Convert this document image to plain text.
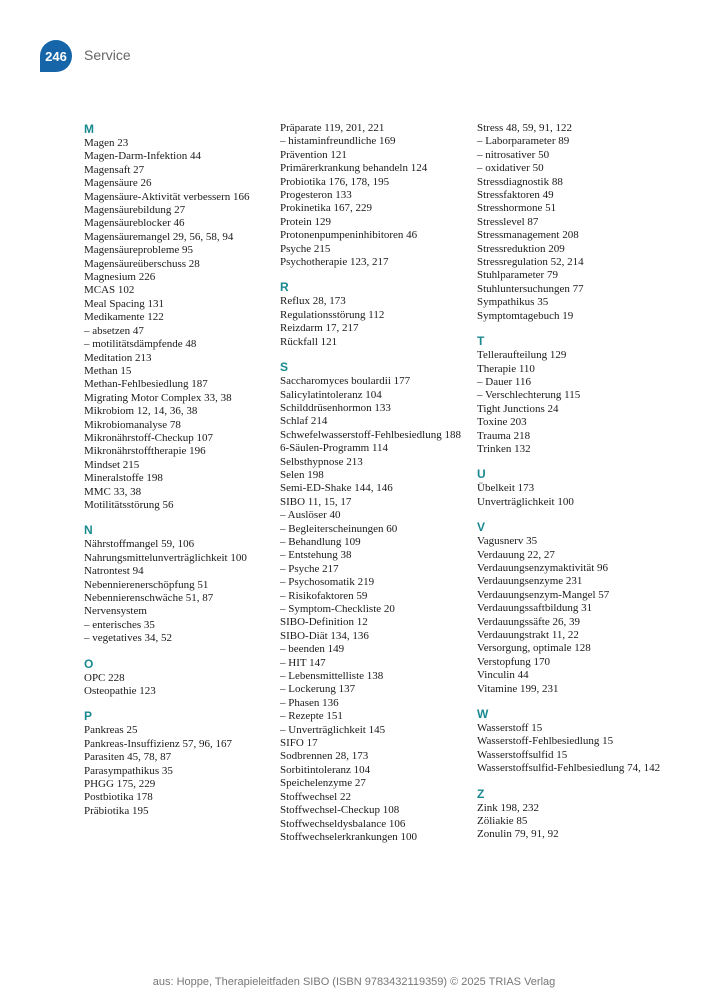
246	Service
M
Magen 23
Magen-Darm-Infektion 44
Magensaft 27
Magensäure 26
Magensäure-Aktivität verbessern 166
Magensäurebildung 27
Magensäureblocker 46
Magensäuremangel 29, 56, 58, 94
Magensäureprobleme 95
Magensäureüberschuss 28
Magnesium 226
MCAS 102
Meal Spacing 131
Medikamente 122
– absetzen 47
– motilitätsdämpfende 48
Meditation 213
Methan 15
Methan-Fehlbesiedlung 187
Migrating Motor Complex 33, 38
Mikrobiom 12, 14, 36, 38
Mikrobiomanalyse 78
Mikronährstoff-Checkup 107
Mikronährstofftherapie 196
Mindset 215
Mineralstoffe 198
MMC 33, 38
Motilitätsstörung 56
N
Nährstoffmangel 59, 106
Nahrungsmittelunverträglichkeit 100
Natrontest 94
Nebennierenerschöpfung 51
Nebennierenschwäche 51, 87
Nervensystem
– enterisches 35
– vegetatives 34, 52
O
OPC 228
Osteopathie 123
P
Pankreas 25
Pankreas-Insuffizienz 57, 96, 167
Parasiten 45, 78, 87
Parasympathikus 35
PHGG 175, 229
Postbiotika 178
Präbiotika 195
Präparate 119, 201, 221
– histaminfreundliche 169
Prävention 121
Primärerkrankung behandeln 124
Probiotika 176, 178, 195
Progesteron 133
Prokinetika 167, 229
Protein 129
Protonenpumpeninhibitoren 46
Psyche 215
Psychotherapie 123, 217
R
Reflux 28, 173
Regulationsstörung 112
Reizdarm 17, 217
Rückfall 121
S
Saccharomyces boulardii 177
Salicylatintoleranz 104
Schilddrüsenhormon 133
Schlaf 214
Schwefelwasserstoff-Fehlbesiedlung 188
6-Säulen-Programm 114
Selbsthypnose 213
Selen 198
Semi-ED-Shake 144, 146
SIBO 11, 15, 17
– Auslöser 40
– Begleiterscheinungen 60
– Behandlung 109
– Entstehung 38
– Psyche 217
– Psychosomatik 219
– Risikofaktoren 59
– Symptom-Checkliste 20
SIBO-Definition 12
SIBO-Diät 134, 136
– beenden 149
– HIT 147
– Lebensmittelliste 138
– Lockerung 137
– Phasen 136
– Rezepte 151
– Unverträglichkeit 145
SIFO 17
Sodbrennen 28, 173
Sorbitintoleranz 104
Speichelenzyme 27
Stoffwechsel 22
Stoffwechsel-Checkup 108
Stoffwechseldysbalance 106
Stoffwechselerkrankungen 100
Stress 48, 59, 91, 122
– Laborparameter 89
– nitrosativer 50
– oxidativer 50
Stressdiagnostik 88
Stressfaktoren 49
Stresshormone 51
Stresslevel 87
Stressmanagement 208
Stressreduktion 209
Stressregulation 52, 214
Stuhlparameter 79
Stuhluntersuchungen 77
Sympathikus 35
Symptomtagebuch 19
T
Telleraufteilung 129
Therapie 110
– Dauer 116
– Verschlechterung 115
Tight Junctions 24
Toxine 203
Trauma 218
Trinken 132
U
Übelkeit 173
Unverträglichkeit 100
V
Vagusnerv 35
Verdauung 22, 27
Verdauungsenzymaktivität 96
Verdauungsenzyme 231
Verdauungsenzym-Mangel 57
Verdauungssaftbildung 31
Verdauungssäfte 26, 39
Verdauungstrakt 11, 22
Versorgung, optimale 128
Verstopfung 170
Vinculin 44
Vitamine 199, 231
W
Wasserstoff 15
Wasserstoff-Fehlbesiedlung 15
Wasserstoffsulfid 15
Wasserstoffsulfid-Fehlbesiedlung 74, 142
Z
Zink 198, 232
Zöliakie 85
Zonulin 79, 91, 92
aus: Hoppe, Therapieleitfaden SIBO (ISBN 9783432119359) © 2025 TRIAS Verlag
